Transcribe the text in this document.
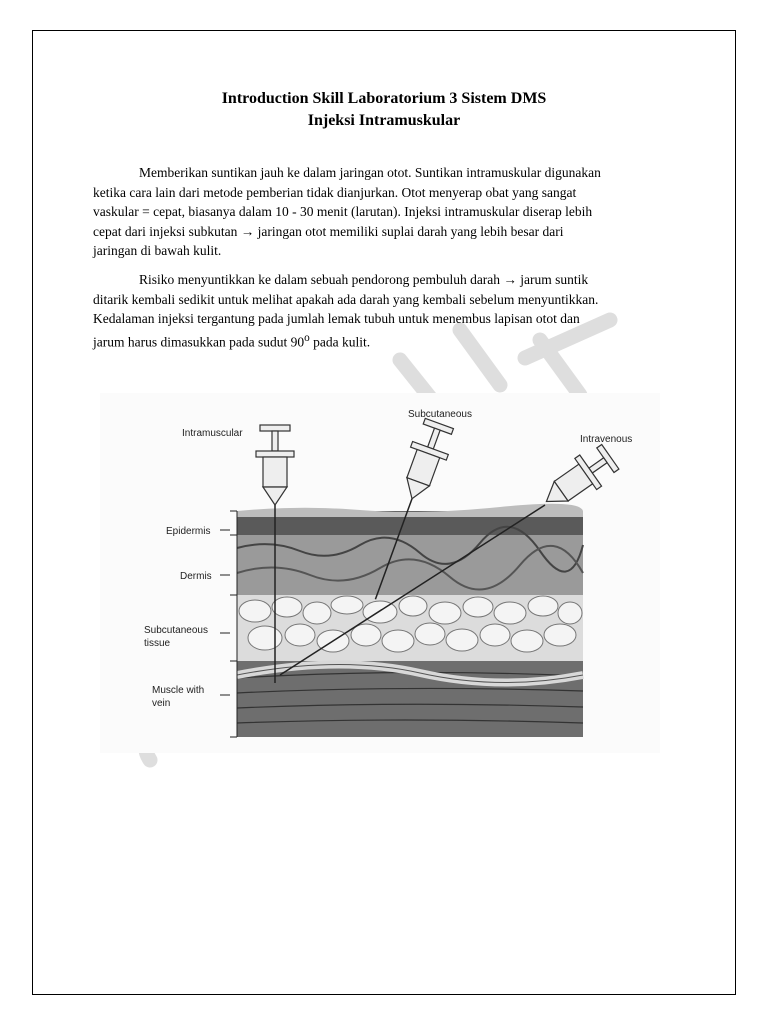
Introduction Skill Laboratorium 3 Sistem DMS
Injeksi Intramuskular

Memberikan suntikan jauh ke dalam jaringan otot. Suntikan intramuskular digunakan
ketika cara lain dari metode pemberian tidak dianjurkan. Otot menyerap obat yang sangat
vaskular = cepat, biasanya dalam 10 - 30 menit (larutan). Injeksi intramuskular diserap lebih
cepat dari injeksi subkutan → jaringan otot memiliki suplai darah yang lebih besar dari
jaringan di bawah kulit.

Risiko menyuntikkan ke dalam sebuah pendorong pembuluh darah → jarum suntik
ditarik kembali sedikit untuk melihat apakah ada darah yang kembali sebelum menyuntikkan.
Kedalaman injeksi tergantung pada jumlah lemak tubuh untuk menembus lapisan otot dan
jarum harus dimasukkan pada sudut 90$^o$ pada kulit.

Intramuscular
Subcutaneous
Intravenous
Epidermis
Dermis
Subcutaneous
tissue
Muscle with
vein
